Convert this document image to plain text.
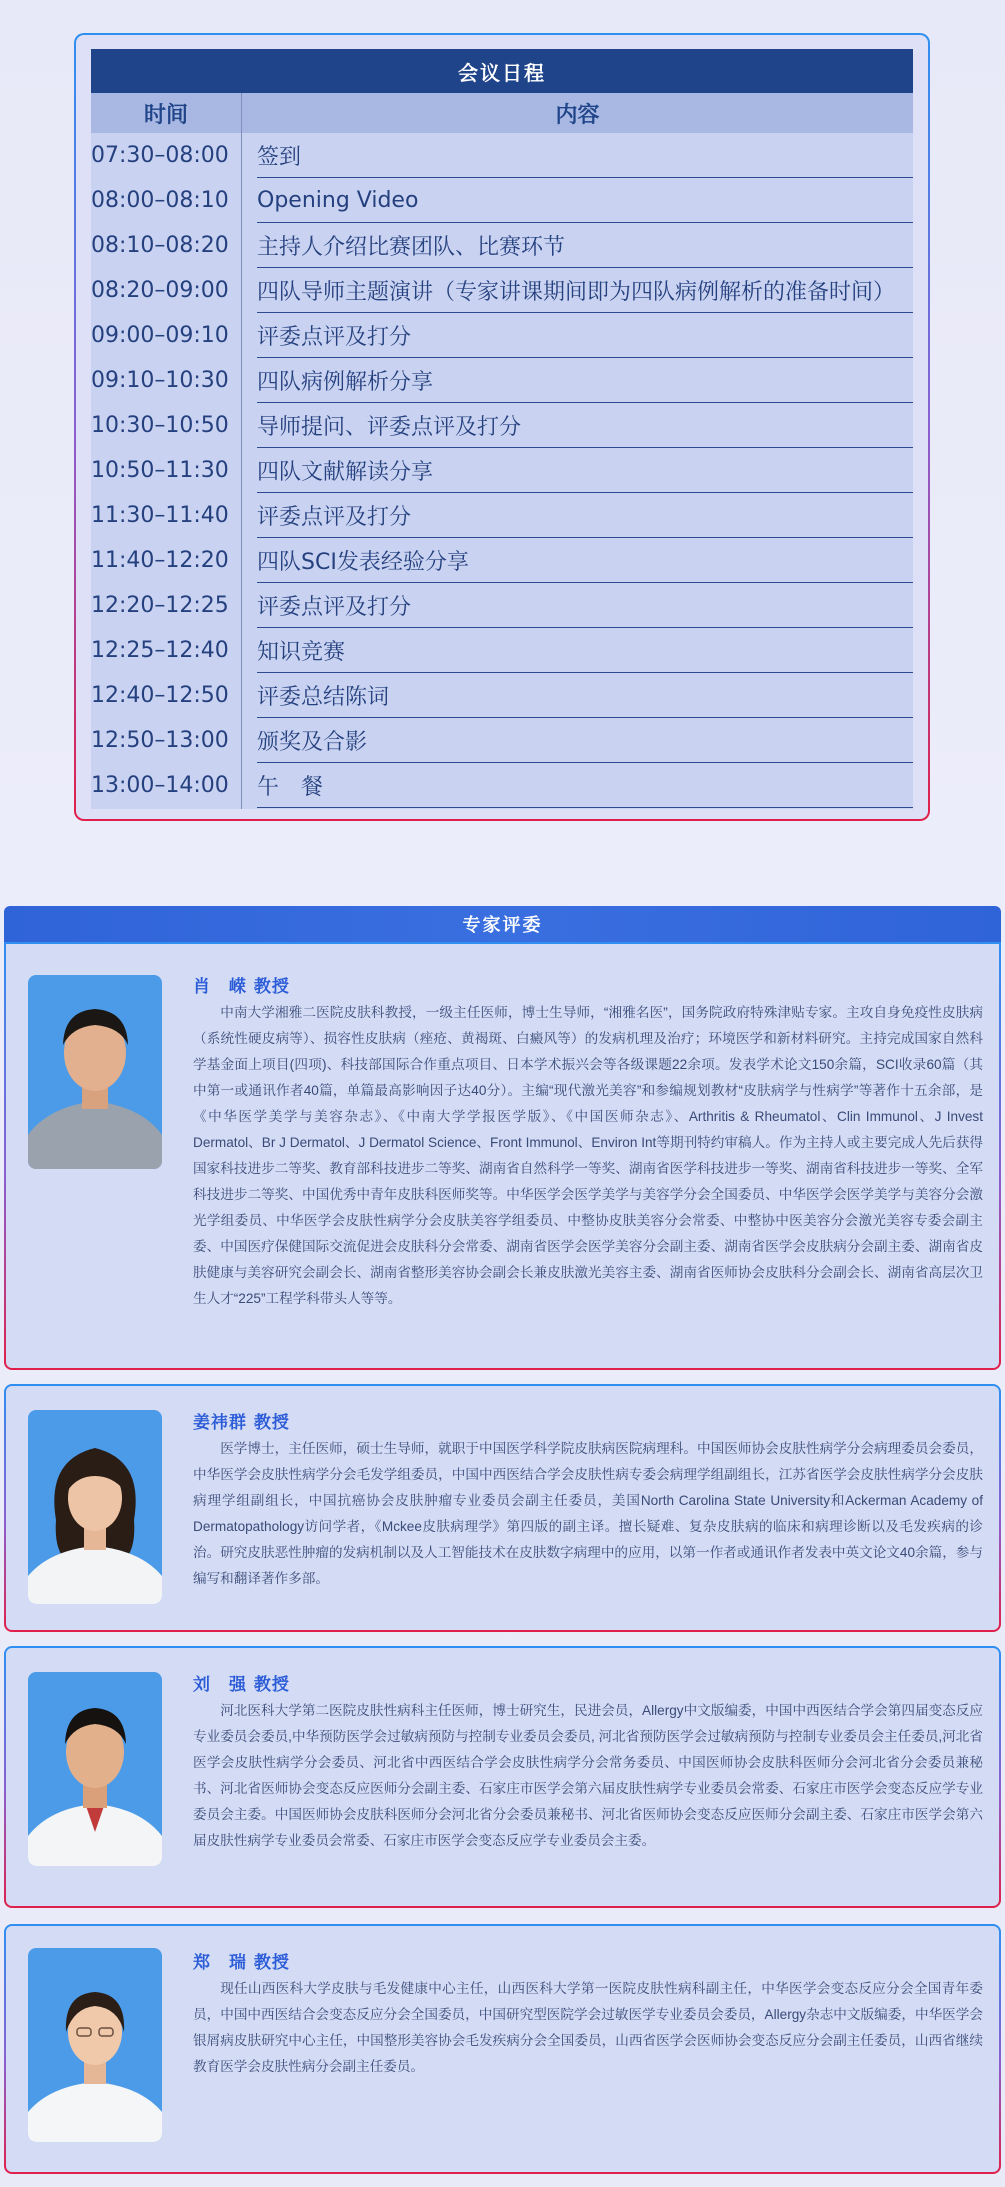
会议日程
时间	内容
07:30–08:00	签到
08:00–08:10	Opening Video
08:10–08:20	主持人介绍比赛团队、比赛环节
08:20–09:00	四队导师主题演讲（专家讲课期间即为四队病例解析的准备时间）
09:00–09:10	评委点评及打分
09:10–10:30	四队病例解析分享
10:30–10:50	导师提问、评委点评及打分
10:50–11:30	四队文献解读分享
11:30–11:40	评委点评及打分
11:40–12:20	四队SCI发表经验分享
12:20–12:25	评委点评及打分
12:25–12:40	知识竞赛
12:40–12:50	评委总结陈词
12:50–13:00	颁奖及合影
13:00–14:00	午　餐
专家评委
肖　嵘 教授
中南大学湘雅二医院皮肤科教授，一级主任医师，博士生导师，“湘雅名医”，国务院政府特殊津贴专家。主攻自身免疫性皮肤病（系统性硬皮病等）、损容性皮肤病（痤疮、黄褐斑、白癜风等）的发病机理及治疗；环境医学和新材料研究。主持完成国家自然科学基金面上项目(四项)、科技部国际合作重点项目、日本学术振兴会等各级课题22余项。发表学术论文150余篇，SCI收录60篇（其中第一或通讯作者40篇，单篇最高影响因子达40分）。主编“现代激光美容”和参编规划教材“皮肤病学与性病学”等著作十五余部，是《中华医学美学与美容杂志》、《中南大学学报医学版》、《中国医师杂志》、Arthritis & Rheumatol、Clin Immunol、J Invest Dermatol、Br J Dermatol、J Dermatol Science、Front Immunol、Environ Int等期刊特约审稿人。作为主持人或主要完成人先后获得国家科技进步二等奖、教育部科技进步二等奖、湖南省自然科学一等奖、湖南省医学科技进步一等奖、湖南省科技进步一等奖、全军科技进步二等奖、中国优秀中青年皮肤科医师奖等。中华医学会医学美学与美容学分会全国委员、中华医学会医学美学与美容分会激光学组委员、中华医学会皮肤性病学分会皮肤美容学组委员、中整协皮肤美容分会常委、中整协中医美容分会激光美容专委会副主委、中国医疗保健国际交流促进会皮肤科分会常委、湖南省医学会医学美容分会副主委、湖南省医学会皮肤病分会副主委、湖南省皮肤健康与美容研究会副会长、湖南省整形美容协会副会长兼皮肤激光美容主委、湖南省医师协会皮肤科分会副会长、湖南省高层次卫生人才“225”工程学科带头人等等。
姜祎群 教授
医学博士，主任医师，硕士生导师，就职于中国医学科学院皮肤病医院病理科。中国医师协会皮肤性病学分会病理委员会委员，中华医学会皮肤性病学分会毛发学组委员，中国中西医结合学会皮肤性病专委会病理学组副组长，江苏省医学会皮肤性病学分会皮肤病理学组副组长，中国抗癌协会皮肤肿瘤专业委员会副主任委员，美国North Carolina State University和Ackerman Academy of Dermatopathology访问学者，《Mckee皮肤病理学》第四版的副主译。擅长疑难、复杂皮肤病的临床和病理诊断以及毛发疾病的诊治。研究皮肤恶性肿瘤的发病机制以及人工智能技术在皮肤数字病理中的应用，以第一作者或通讯作者发表中英文论文40余篇，参与编写和翻译著作多部。
刘　强 教授
河北医科大学第二医院皮肤性病科主任医师，博士研究生，民进会员，Allergy中文版编委，中国中西医结合学会第四届变态反应专业委员会委员,中华预防医学会过敏病预防与控制专业委员会委员, 河北省预防医学会过敏病预防与控制专业委员会主任委员,河北省医学会皮肤性病学分会委员、河北省中西医结合学会皮肤性病学分会常务委员、中国医师协会皮肤科医师分会河北省分会委员兼秘书、河北省医师协会变态反应医师分会副主委、石家庄市医学会第六届皮肤性病学专业委员会常委、石家庄市医学会变态反应学专业委员会主委。中国医师协会皮肤科医师分会河北省分会委员兼秘书、河北省医师协会变态反应医师分会副主委、石家庄市医学会第六届皮肤性病学专业委员会常委、石家庄市医学会变态反应学专业委员会主委。
郑　瑞 教授
现任山西医科大学皮肤与毛发健康中心主任，山西医科大学第一医院皮肤性病科副主任，中华医学会变态反应分会全国青年委员，中国中西医结合会变态反应分会全国委员，中国研究型医院学会过敏医学专业委员会委员，Allergy杂志中文版编委，中华医学会银屑病皮肤研究中心主任，中国整形美容协会毛发疾病分会全国委员，山西省医学会医师协会变态反应分会副主任委员，山西省继续教育医学会皮肤性病分会副主任委员。
